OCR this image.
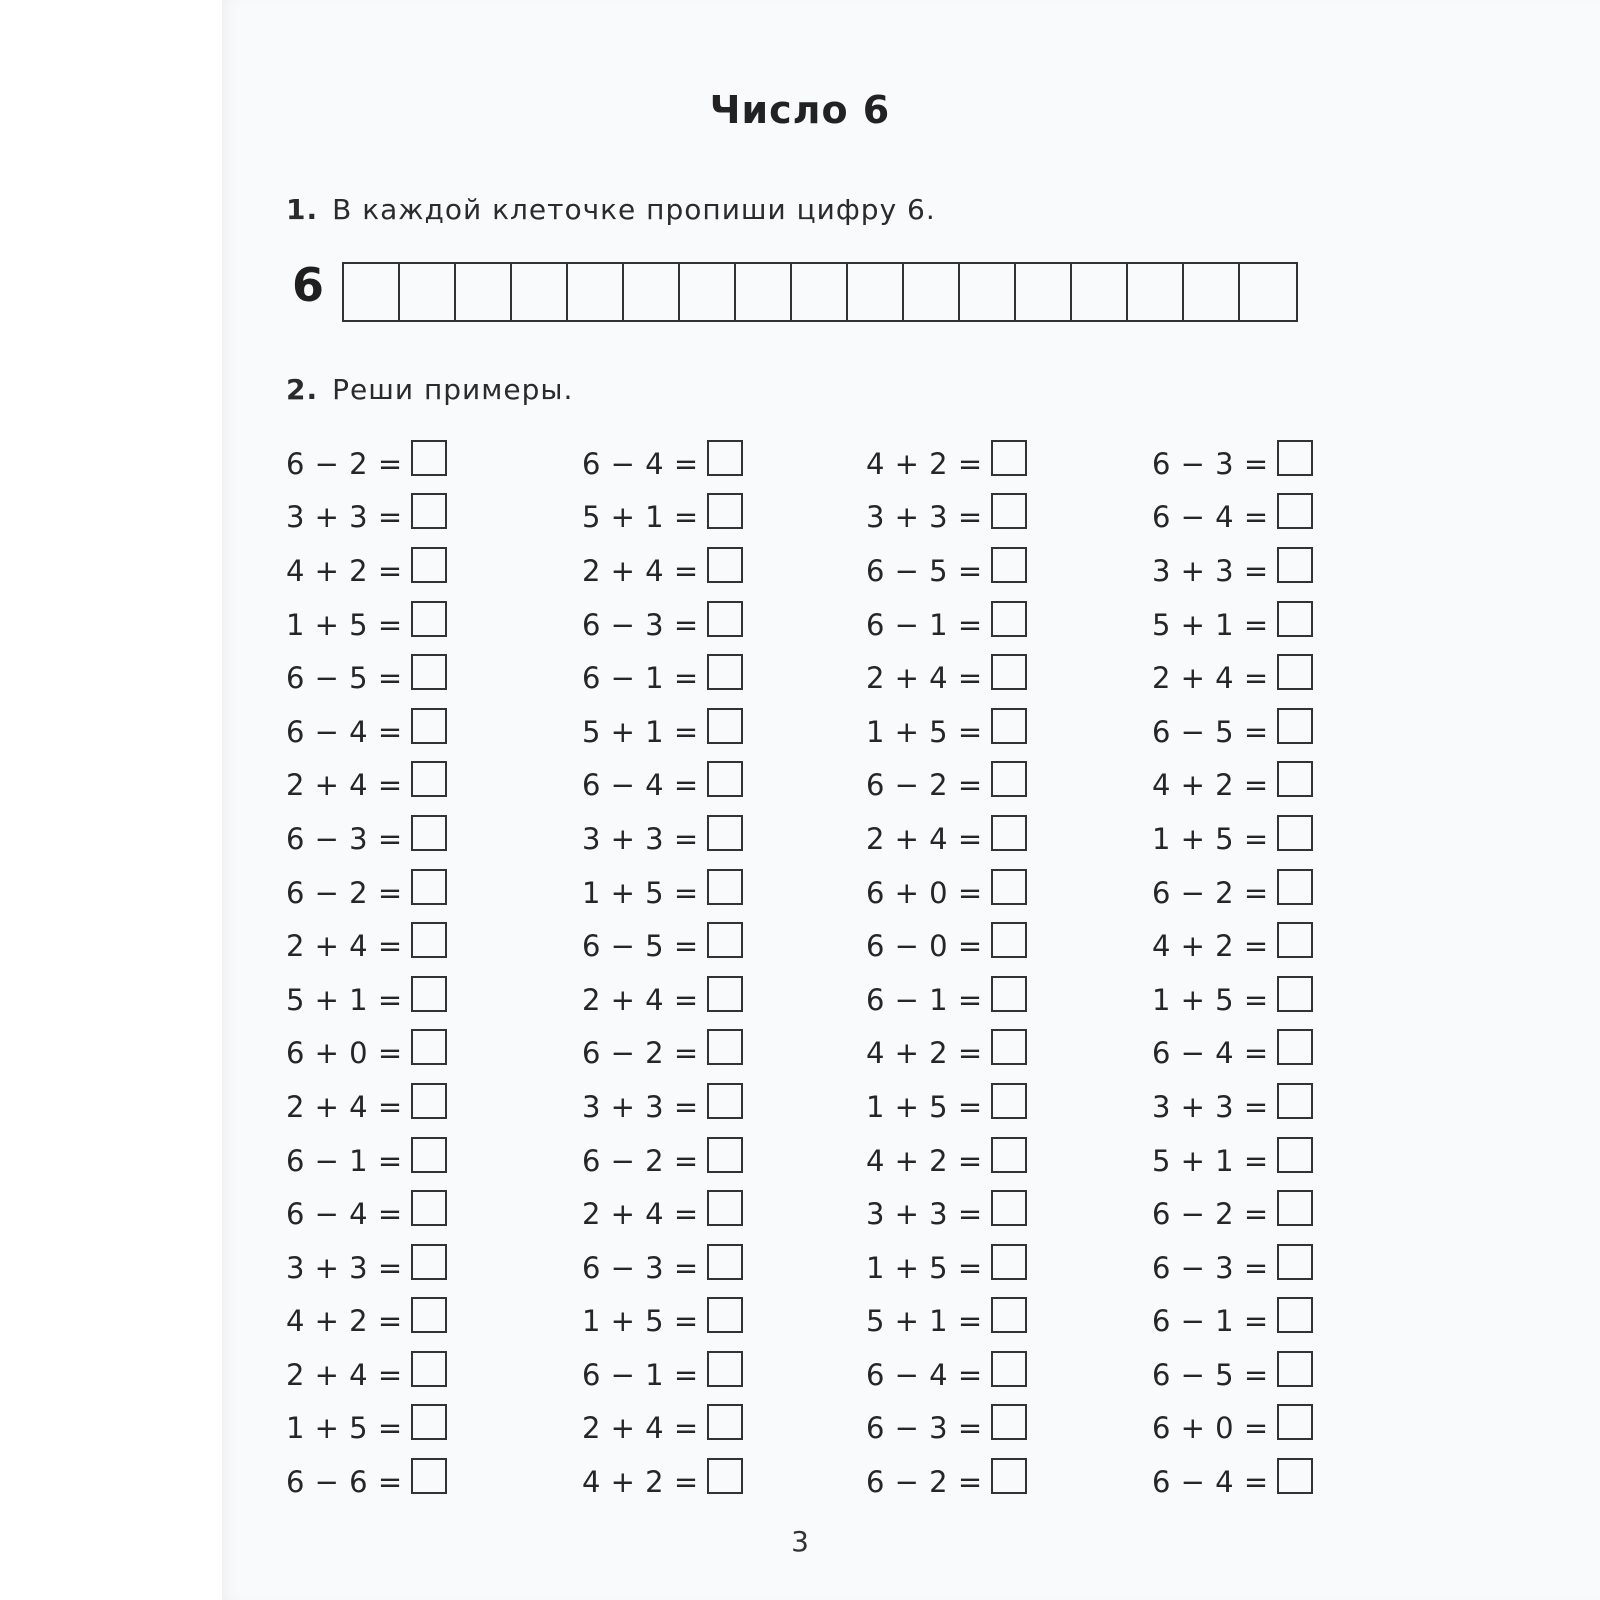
Число 6
1. В каждой клеточке пропиши цифру 6.
6
2. Реши примеры.
6 − 2 =
3 + 3 =
4 + 2 =
1 + 5 =
6 − 5 =
6 − 4 =
2 + 4 =
6 − 3 =
6 − 2 =
2 + 4 =
5 + 1 =
6 + 0 =
2 + 4 =
6 − 1 =
6 − 4 =
3 + 3 =
4 + 2 =
2 + 4 =
1 + 5 =
6 − 6 =
6 − 4 =
5 + 1 =
2 + 4 =
6 − 3 =
6 − 1 =
5 + 1 =
6 − 4 =
3 + 3 =
1 + 5 =
6 − 5 =
2 + 4 =
6 − 2 =
3 + 3 =
6 − 2 =
2 + 4 =
6 − 3 =
1 + 5 =
6 − 1 =
2 + 4 =
4 + 2 =
4 + 2 =
3 + 3 =
6 − 5 =
6 − 1 =
2 + 4 =
1 + 5 =
6 − 2 =
2 + 4 =
6 + 0 =
6 − 0 =
6 − 1 =
4 + 2 =
1 + 5 =
4 + 2 =
3 + 3 =
1 + 5 =
5 + 1 =
6 − 4 =
6 − 3 =
6 − 2 =
6 − 3 =
6 − 4 =
3 + 3 =
5 + 1 =
2 + 4 =
6 − 5 =
4 + 2 =
1 + 5 =
6 − 2 =
4 + 2 =
1 + 5 =
6 − 4 =
3 + 3 =
5 + 1 =
6 − 2 =
6 − 3 =
6 − 1 =
6 − 5 =
6 + 0 =
6 − 4 =
3
